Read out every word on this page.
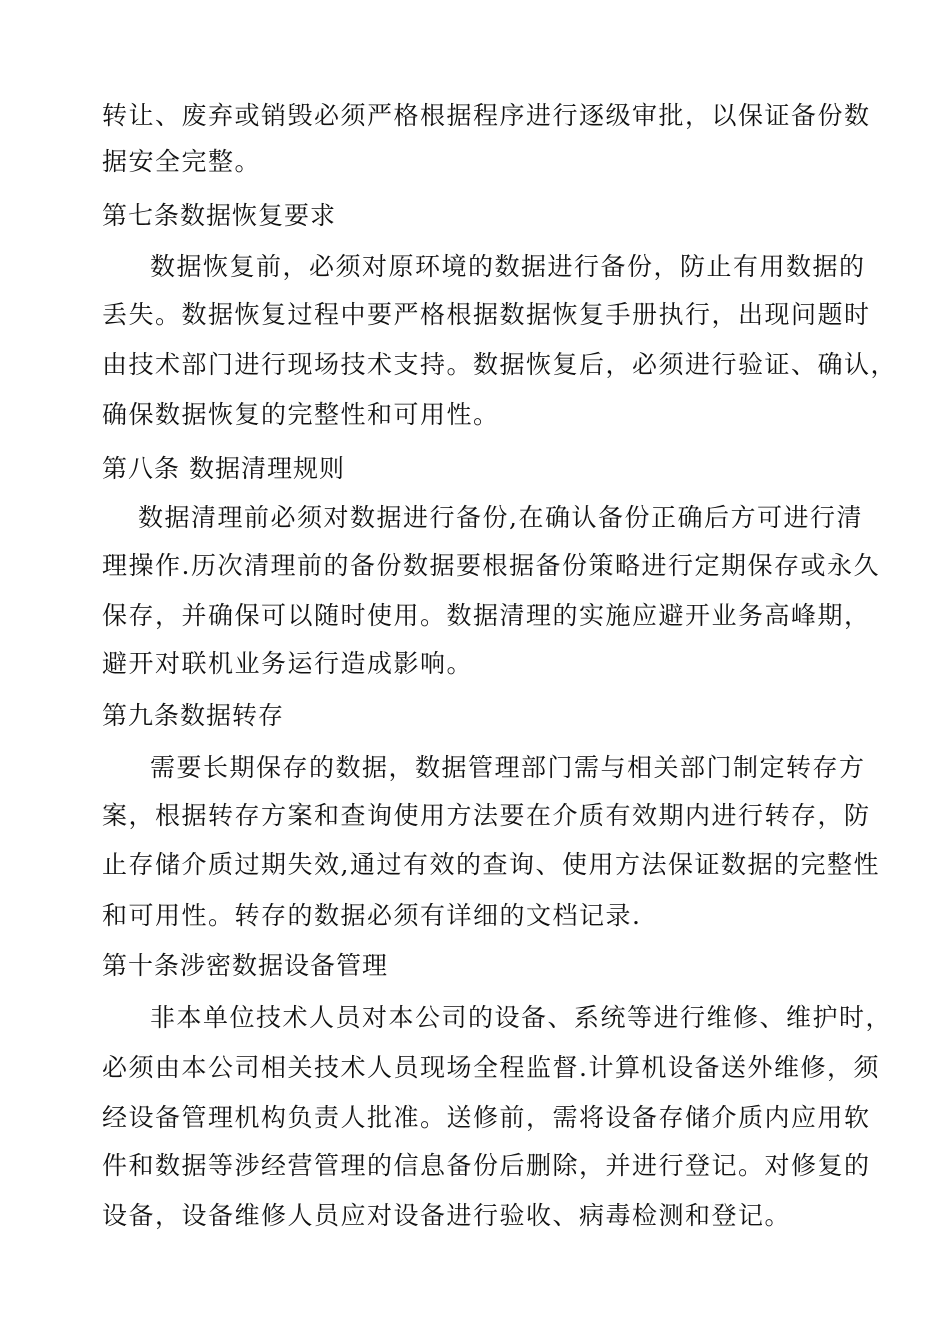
转让、废弃或销毁必须严格根据程序进行逐级审批，以保证备份数
据安全完整。
第七条数据恢复要求
数据恢复前，必须对原环境的数据进行备份，防止有用数据的
丢失。数据恢复过程中要严格根据数据恢复手册执行，出现问题时
由技术部门进行现场技术支持。数据恢复后，必须进行验证、确认，
确保数据恢复的完整性和可用性。
第八条 数据清理规则
数据清理前必须对数据进行备份,在确认备份正确后方可进行清
理操作.历次清理前的备份数据要根据备份策略进行定期保存或永久
保存，并确保可以随时使用。数据清理的实施应避开业务高峰期，
避开对联机业务运行造成影响。
第九条数据转存
需要长期保存的数据，数据管理部门需与相关部门制定转存方
案，根据转存方案和查询使用方法要在介质有效期内进行转存，防
止存储介质过期失效,通过有效的查询、使用方法保证数据的完整性
和可用性。转存的数据必须有详细的文档记录.
第十条涉密数据设备管理
非本单位技术人员对本公司的设备、系统等进行维修、维护时，
必须由本公司相关技术人员现场全程监督.计算机设备送外维修，须
经设备管理机构负责人批准。送修前，需将设备存储介质内应用软
件和数据等涉经营管理的信息备份后删除，并进行登记。对修复的
设备，设备维修人员应对设备进行验收、病毒检测和登记。
